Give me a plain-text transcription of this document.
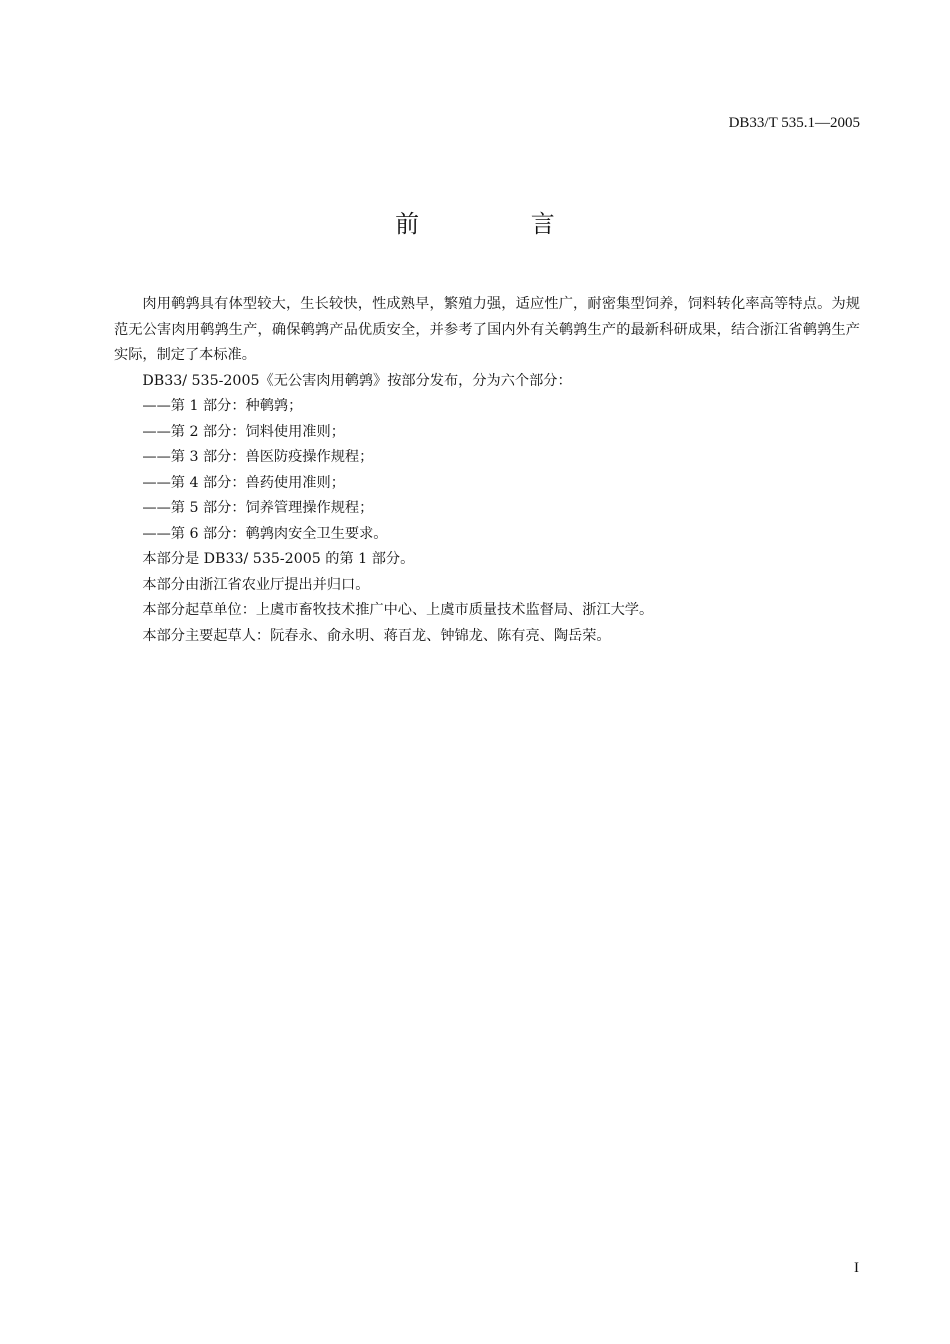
DB33/T 535.1—2005
前 言

肉用鹌鹑具有体型较大，生长较快，性成熟早，繁殖力强，适应性广，耐密集型饲养，饲料转化率高等特点。为规范无公害肉用鹌鹑生产，确保鹌鹑产品优质安全，并参考了国内外有关鹌鹑生产的最新科研成果，结合浙江省鹌鹑生产实际，制定了本标准。

DB33/ 535-2005《无公害肉用鹌鹑》按部分发布，分为六个部分：

——第 1 部分：种鹌鹑；

——第 2 部分：饲料使用准则；

——第 3 部分：兽医防疫操作规程；

——第 4 部分：兽药使用准则；

——第 5 部分：饲养管理操作规程；

——第 6 部分：鹌鹑肉安全卫生要求。

本部分是 DB33/ 535-2005 的第 1 部分。

本部分由浙江省农业厅提出并归口。

本部分起草单位：上虞市畜牧技术推广中心、上虞市质量技术监督局、浙江大学。

本部分主要起草人：阮春永、俞永明、蒋百龙、钟锦龙、陈有亮、陶岳荣。

I
